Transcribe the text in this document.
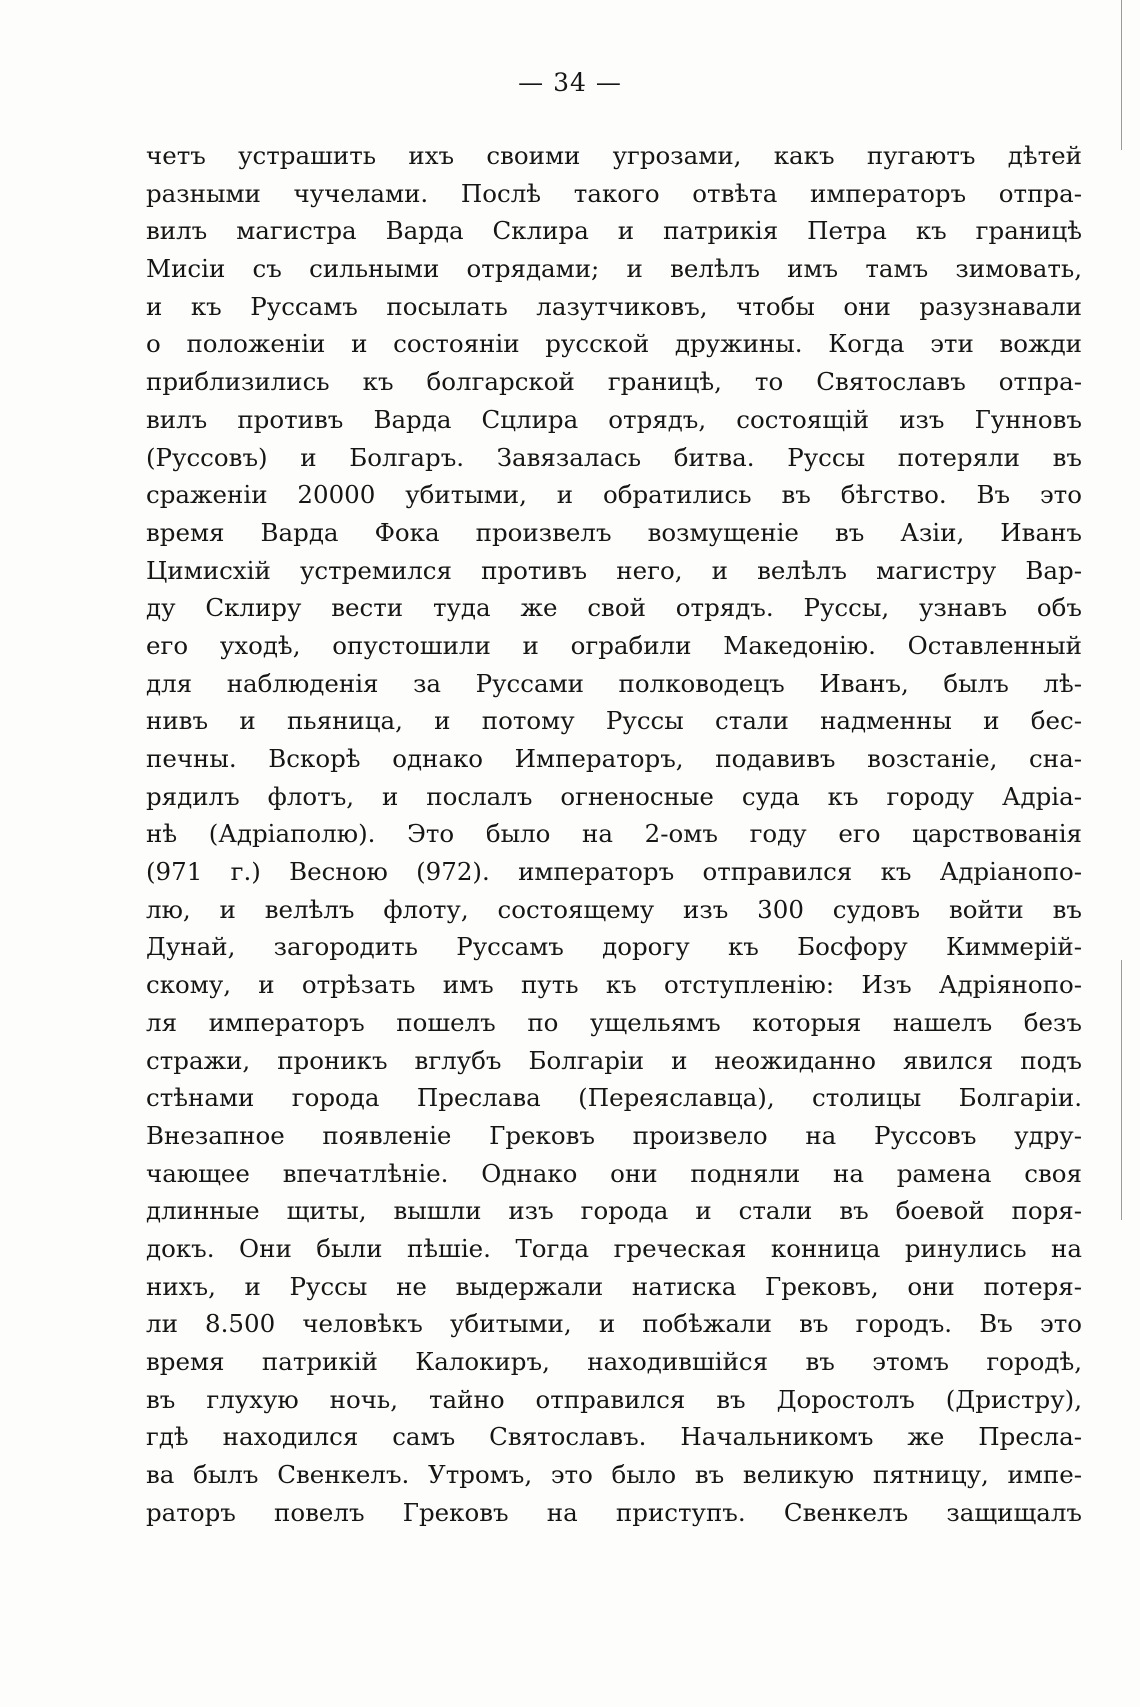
— 34 —
четъ устрашить ихъ своими угрозами, какъ пугаютъ дѣтей
разными чучелами. Послѣ такого отвѣта императоръ отпра-
вилъ магистра Варда Склира и патрикія Петра къ границѣ
Мисіи съ сильными отрядами; и велѣлъ имъ тамъ зимовать,
и къ Руссамъ посылать лазутчиковъ, чтобы они разузнавали
о положеніи и состояніи русской дружины. Когда эти вожди
приблизились къ болгарской границѣ, то Святославъ отпра-
вилъ противъ Варда Сцлира отрядъ, состоящій изъ Гунновъ
(Руссовъ) и Болгаръ. Завязалась битва. Руссы потеряли въ
сраженіи 20000 убитыми, и обратились въ бѣгство. Въ это
время Варда Фока произвелъ возмущеніе въ Азіи, Иванъ
Цимисхій устремился противъ него, и велѣлъ магистру Вар-
ду Склиру вести туда же свой отрядъ. Руссы, узнавъ объ
его уходѣ, опустошили и ограбили Македонію. Оставленный
для наблюденія за Руссами полководецъ Иванъ, былъ лѣ-
нивъ и пьяница, и потому Руссы стали надменны и бес-
печны. Вскорѣ однако Императоръ, подавивъ возстаніе, сна-
рядилъ флотъ, и послалъ огненосные суда къ городу Адріа-
нѣ (Адріаполю). Это было на 2-омъ году его царствованія
(971 г.) Весною (972). императоръ отправился къ Адріанопо-
лю, и велѣлъ флоту, состоящему изъ 300 судовъ войти въ
Дунай, загородить Руссамъ дорогу къ Босфору Киммерій-
скому, и отрѣзать имъ путь къ отступленію: Изъ Адріянопо-
ля императоръ пошелъ по ущельямъ которыя нашелъ безъ
стражи, проникъ вглубъ Болгаріи и неожиданно явился подъ
стѣнами города Преслава (Переяславца), столицы Болгаріи.
Внезапное появленіе Грековъ произвело на Руссовъ удру-
чающее впечатлѣніе. Однако они подняли на рамена своя
длинные щиты, вышли изъ города и стали въ боевой поря-
докъ. Они были пѣшіе. Тогда греческая конница ринулись на
нихъ, и Руссы не выдержали натиска Грековъ, они потеря-
ли 8.500 человѣкъ убитыми, и побѣжали въ городъ. Въ это
время патрикій Калокиръ, находившійся въ этомъ городѣ,
въ глухую ночь, тайно отправился въ Доростолъ (Дристру),
гдѣ находился самъ Святославъ. Начальникомъ же Пресла-
ва былъ Свенкелъ. Утромъ, это было въ великую пятницу, импе-
раторъ повелъ Грековъ на приступъ. Свенкелъ защищалъ
